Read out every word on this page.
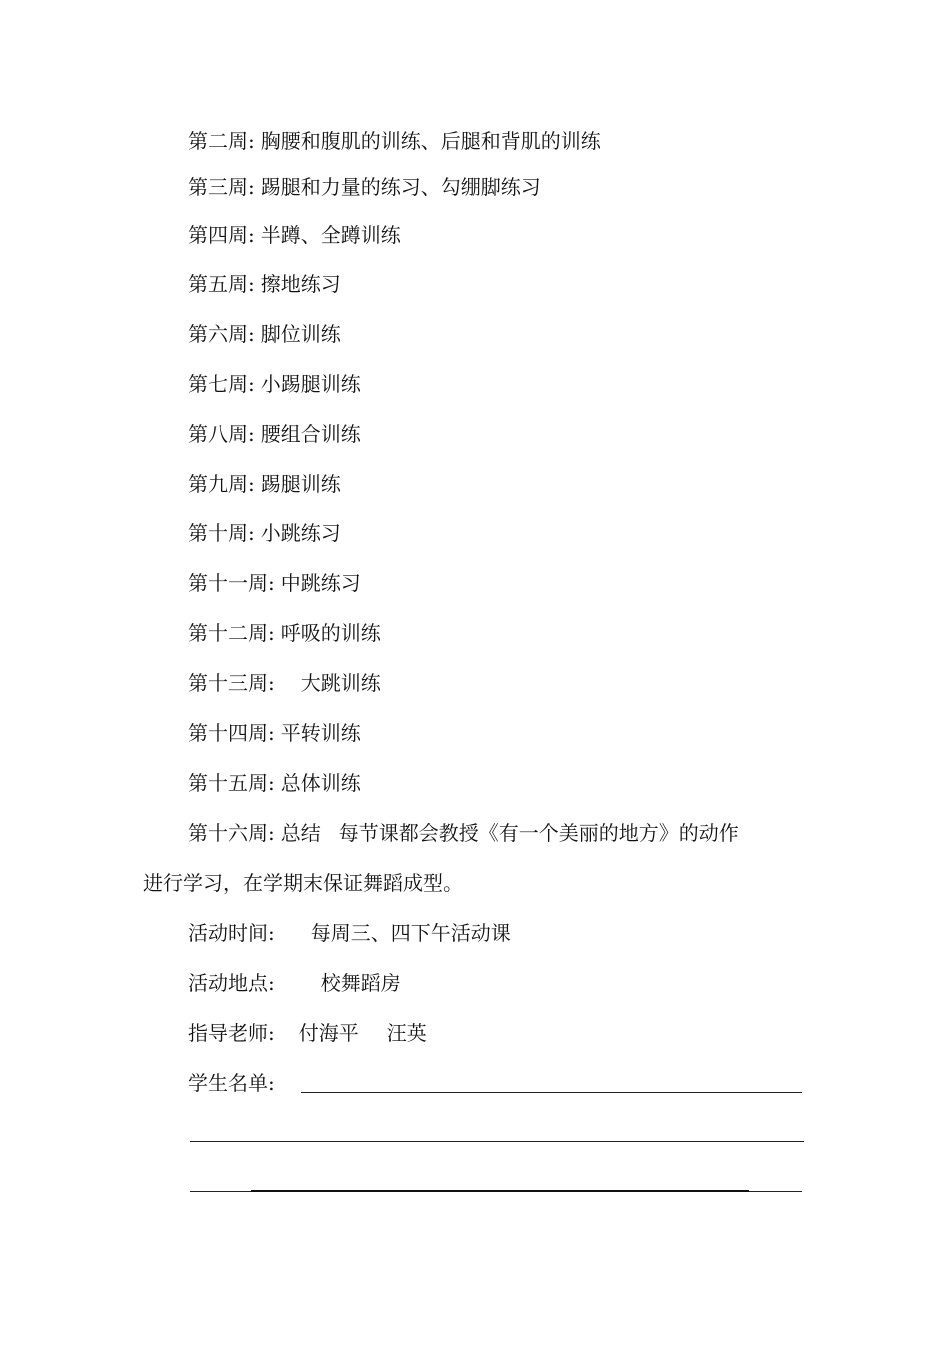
第二周: 胸腰和腹肌的训练、后腿和背肌的训练
第三周: 踢腿和力量的练习、勾绷脚练习
第四周: 半蹲、全蹲训练
第五周: 擦地练习
第六周: 脚位训练
第七周: 小踢腿训练
第八周: 腰组合训练
第九周: 踢腿训练
第十周: 小跳练习
第十一周: 中跳练习
第十二周: 呼吸的训练
第十三周: 大跳训练
第十四周: 平转训练
第十五周: 总体训练
第十六周: 总结 每节课都会教授《有一个美丽的地方》的动作
进行学习，在学期末保证舞蹈成型。
活动时间: 每周三、四下午活动课
活动地点: 校舞蹈房
指导老师: 付海平 汪英
学生名单:
